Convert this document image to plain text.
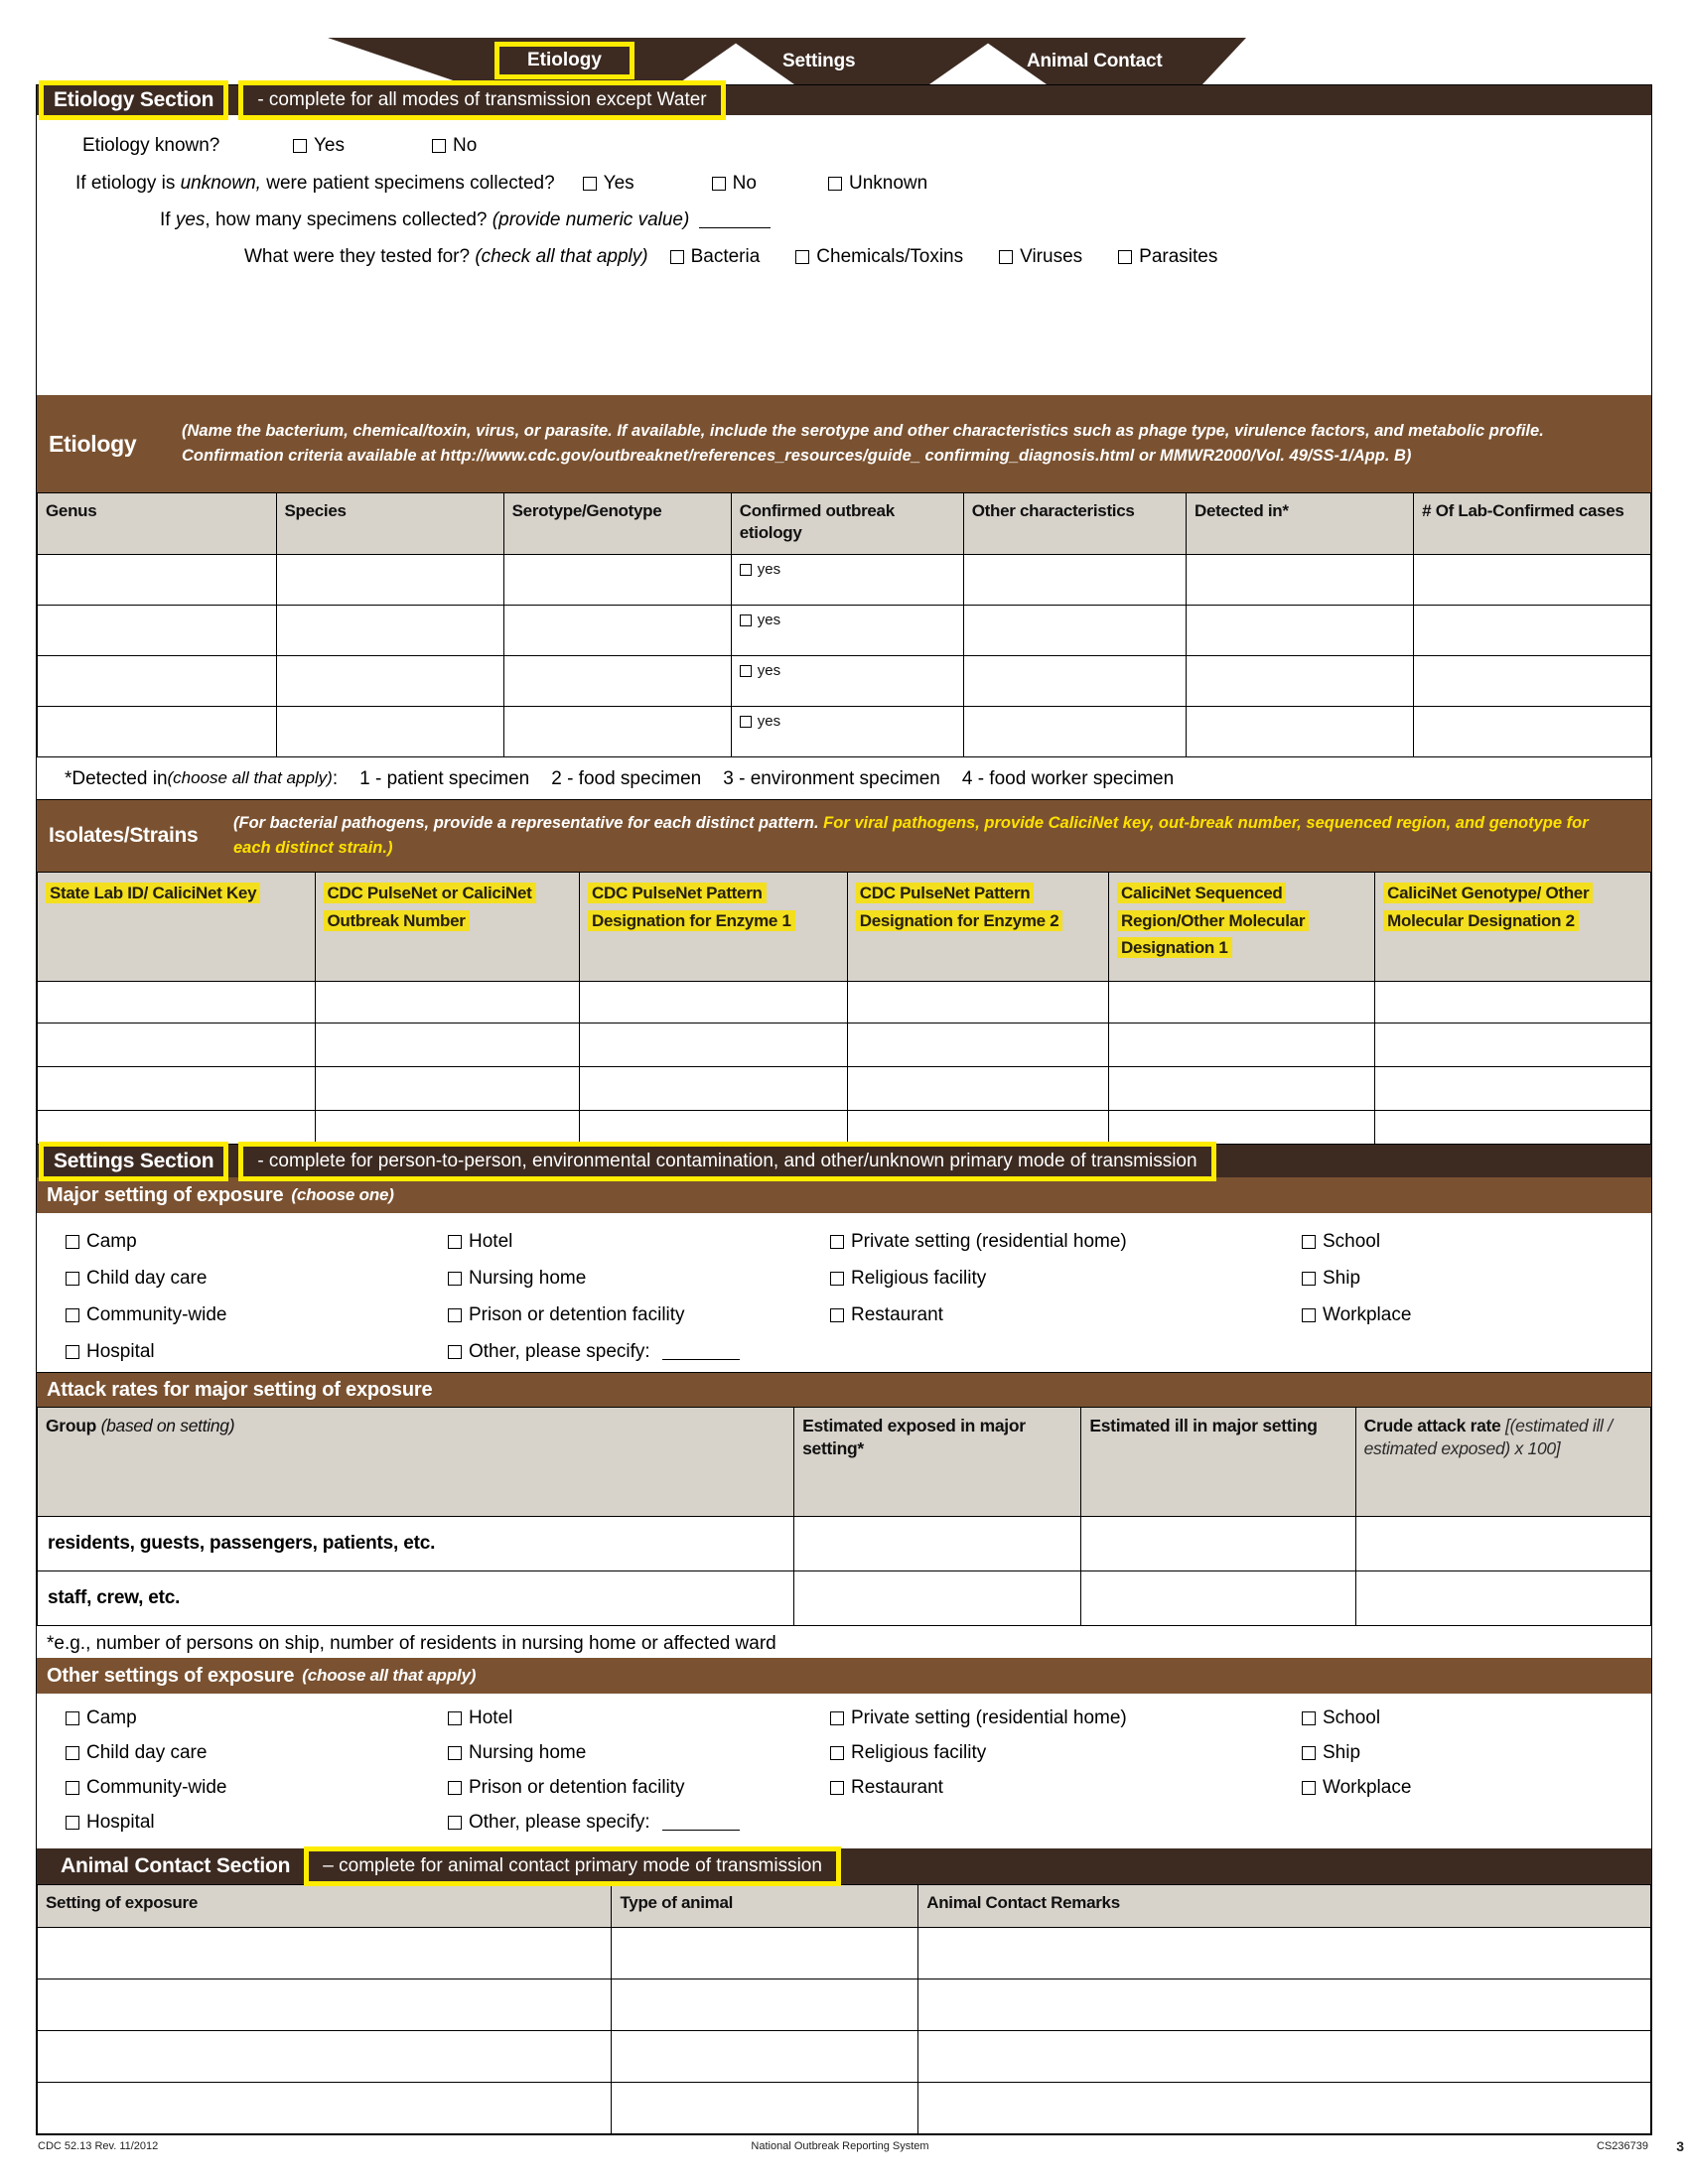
Etiology	Settings	Animal Contact
Etiology Section	- complete for all modes of transmission except Water
Etiology known?	Yes	No
If etiology is unknown, were patient specimens collected?	Yes	No	Unknown
If yes , how many specimens collected? (provide numeric value)
What were they tested for? (check all that apply) Bacteria	Chemicals/Toxins	Viruses	Parasites
Etiology	(Name the bacterium, chemical/toxin, virus, or parasite. If available, include the serotype and other characteristics such as phage type, virulence factors, and metabolic profile. Confirmation criteria available at http://www.cdc.gov/outbreaknet/references_resources/guide_ confirming_diagnosis.html or MMWR2000/Vol. 49/SS-1/App. B)
Genus	Species	Serotype/Genotype	Confirmed outbreak etiology	Other characteristics	Detected in*	# Of Lab-Confirmed cases

			yes			

			yes			

			yes			

			yes			

*Detected in (choose all that apply) : 1 - patient specimen 2 - food specimen 3 - environment specimen 4 - food worker specimen
Isolates/Strains
(For bacterial pathogens, provide a representative for each distinct pattern. For viral pathogens, provide CaliciNet key, out-break number, sequenced region, and genotype for each distinct strain.)
State Lab ID/ CaliciNet Key	CDC PulseNet or CaliciNet Outbreak Number	CDC PulseNet Pattern Designation for Enzyme 1	CDC PulseNet Pattern Designation for Enzyme 2	CaliciNet Sequenced Region/Other Molecular Designation 1	CaliciNet Genotype/ Other Molecular Designation 2

Settings Section	- complete for person-to-person, environmental contamination, and other/unknown primary mode of transmission
Major setting of exposure (choose one)
Camp
Child day care
Community-wide
Hospital
Hotel
Nursing home
Prison or detention facility
Other, please specify:
Private setting (residential home)
Religious facility
Restaurant
School
Ship
Workplace
Attack rates for major setting of exposure
Group (based on setting)	Estimated exposed in major setting*	Estimated ill in major setting	Crude attack rate [(estimated ill / estimated exposed) x 100]
residents, guests, passengers, patients, etc.			
staff, crew, etc.			
*e.g., number of persons on ship, number of residents in nursing home or affected ward
Other settings of exposure (choose all that apply)
Camp
Child day care
Community-wide
Hospital
Hotel
Nursing home
Prison or detention facility
Other, please specify:
Private setting (residential home)
Religious facility
Restaurant
School
Ship
Workplace
Animal Contact Section	– complete for animal contact primary mode of transmission
Setting of exposure	Type of animal	Animal Contact Remarks

CDC 52.13 Rev. 11/2012	National Outbreak Reporting System	CS236739 3
